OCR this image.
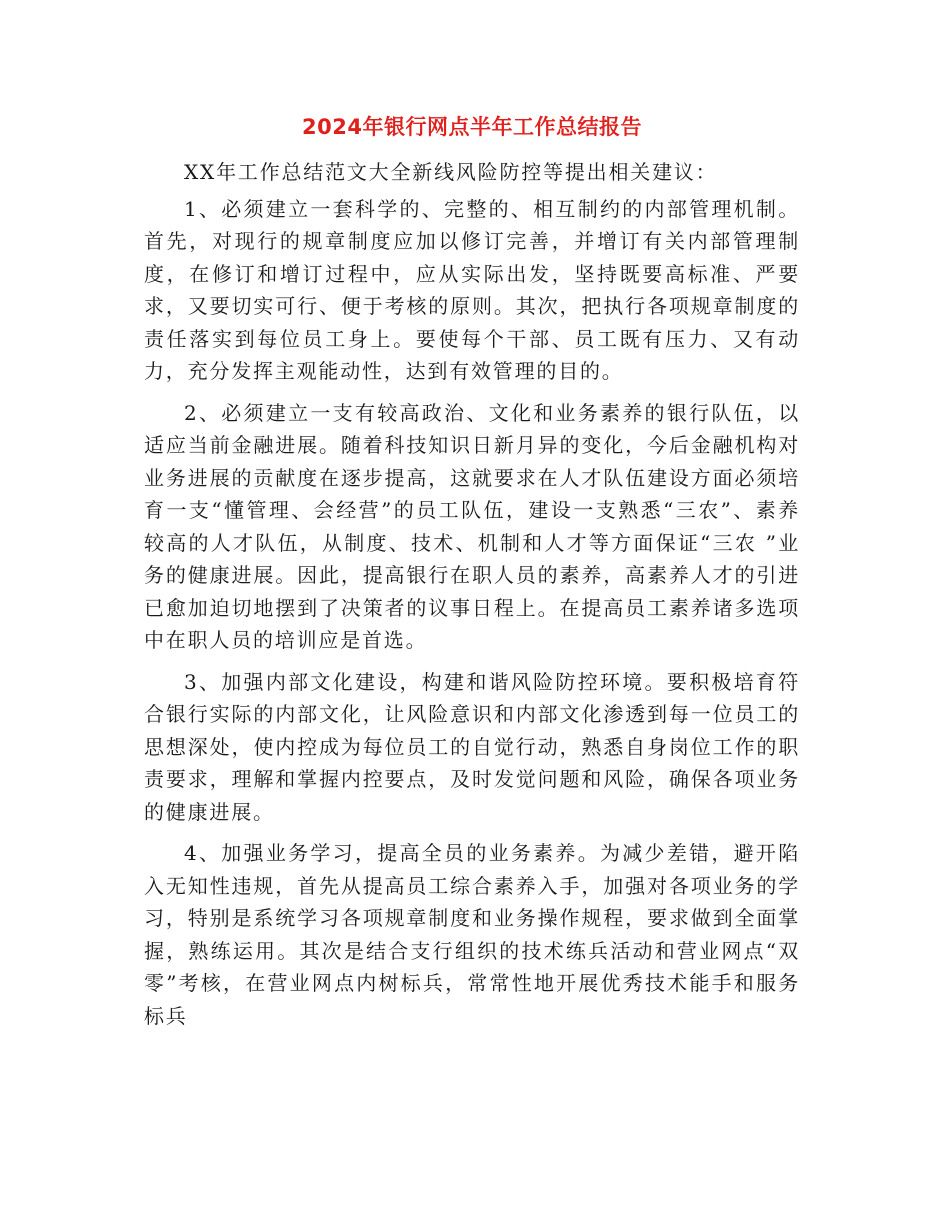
2024年银行网点半年工作总结报告

XX年工作总结范文大全新线风险防控等提出相关建议：

1、必须建立一套科学的、完整的、相互制约的内部管理机制。首先，对现行的规章制度应加以修订完善，并增订有关内部管理制度，在修订和增订过程中，应从实际出发，坚持既要高标准、严要求，又要切实可行、便于考核的原则。其次，把执行各项规章制度的责任落实到每位员工身上。要使每个干部、员工既有压力、又有动力，充分发挥主观能动性，达到有效管理的目的。

2、必须建立一支有较高政治、文化和业务素养的银行队伍，以适应当前金融进展。随着科技知识日新月异的变化，今后金融机构对业务进展的贡献度在逐步提高，这就要求在人才队伍建设方面必须培育一支“懂管理、会经营”的员工队伍，建设一支熟悉“三农”、素养较高的人才队伍，从制度、技术、机制和人才等方面保证“三农 ”业务的健康进展。因此，提高银行在职人员的素养，高素养人才的引进已愈加迫切地摆到了决策者的议事日程上。在提高员工素养诸多选项中在职人员的培训应是首选。

3、加强内部文化建设，构建和谐风险防控环境。要积极培育符合银行实际的内部文化，让风险意识和内部文化渗透到每一位员工的思想深处，使内控成为每位员工的自觉行动，熟悉自身岗位工作的职责要求，理解和掌握内控要点，及时发觉问题和风险，确保各项业务的健康进展。

4、加强业务学习，提高全员的业务素养。为减少差错，避开陷入无知性违规，首先从提高员工综合素养入手，加强对各项业务的学习，特别是系统学习各项规章制度和业务操作规程，要求做到全面掌握，熟练运用。其次是结合支行组织的技术练兵活动和营业网点“双零”考核，在营业网点内树标兵，常常性地开展优秀技术能手和服务标兵
